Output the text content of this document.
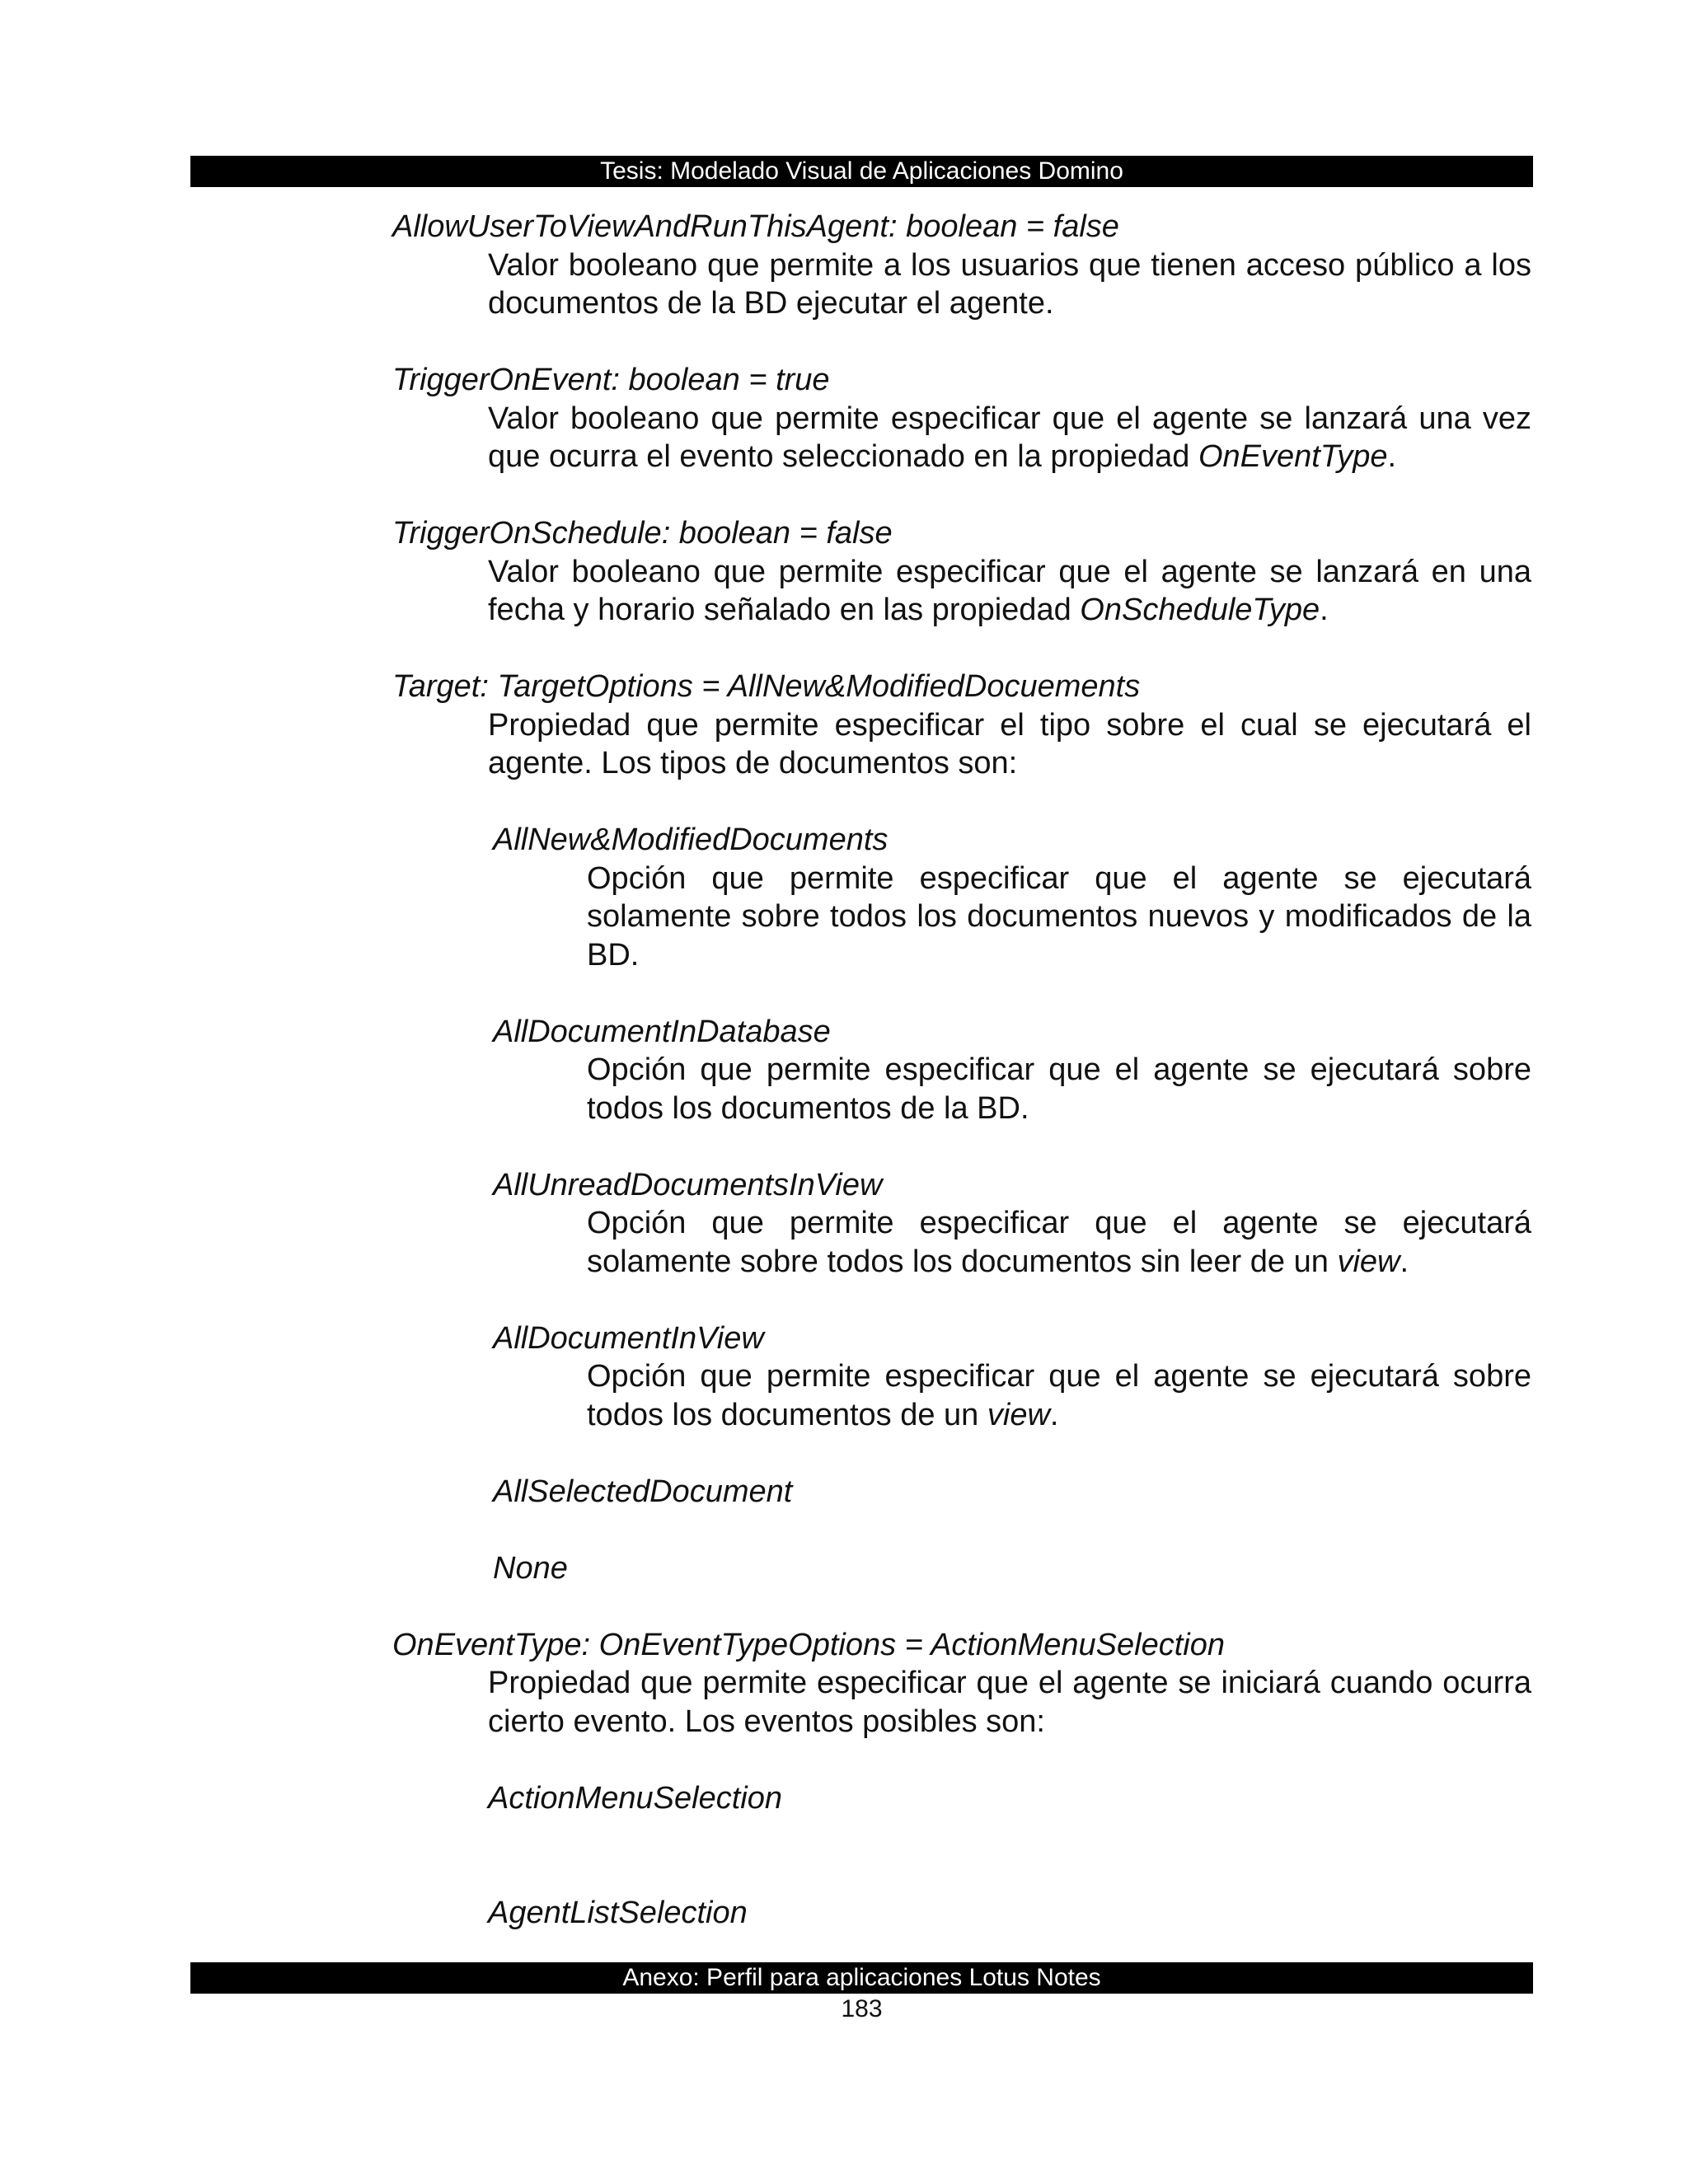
Tesis: Modelado Visual de Aplicaciones Domino
AllowUserToViewAndRunThisAgent: boolean = false
Valor booleano que permite a los usuarios que tienen acceso público a los documentos de la BD ejecutar el agente.
TriggerOnEvent: boolean = true
Valor booleano que permite especificar que el agente se lanzará una vez que ocurra el evento seleccionado en la propiedad OnEventType.
TriggerOnSchedule: boolean = false
Valor booleano que permite especificar que el agente se lanzará en una fecha y horario señalado en las propiedad OnScheduleType.
Target: TargetOptions = AllNew&ModifiedDocuements
Propiedad que permite especificar el tipo sobre el cual se ejecutará el agente. Los tipos de documentos son:
AllNew&ModifiedDocuments
Opción que permite especificar que el agente se ejecutará solamente sobre todos los documentos nuevos y modificados de la BD.
AllDocumentInDatabase
Opción que permite especificar que el agente se ejecutará sobre todos los documentos de la BD.
AllUnreadDocumentsInView
Opción que permite especificar que el agente se ejecutará solamente sobre todos los documentos sin leer de un view.
AllDocumentInView
Opción que permite especificar que el agente se ejecutará sobre todos los documentos de un view.
AllSelectedDocument
None
OnEventType: OnEventTypeOptions = ActionMenuSelection
Propiedad que permite especificar que el agente se iniciará cuando ocurra cierto evento. Los eventos posibles son:
ActionMenuSelection
AgentListSelection
Anexo: Perfil para aplicaciones Lotus Notes
183
